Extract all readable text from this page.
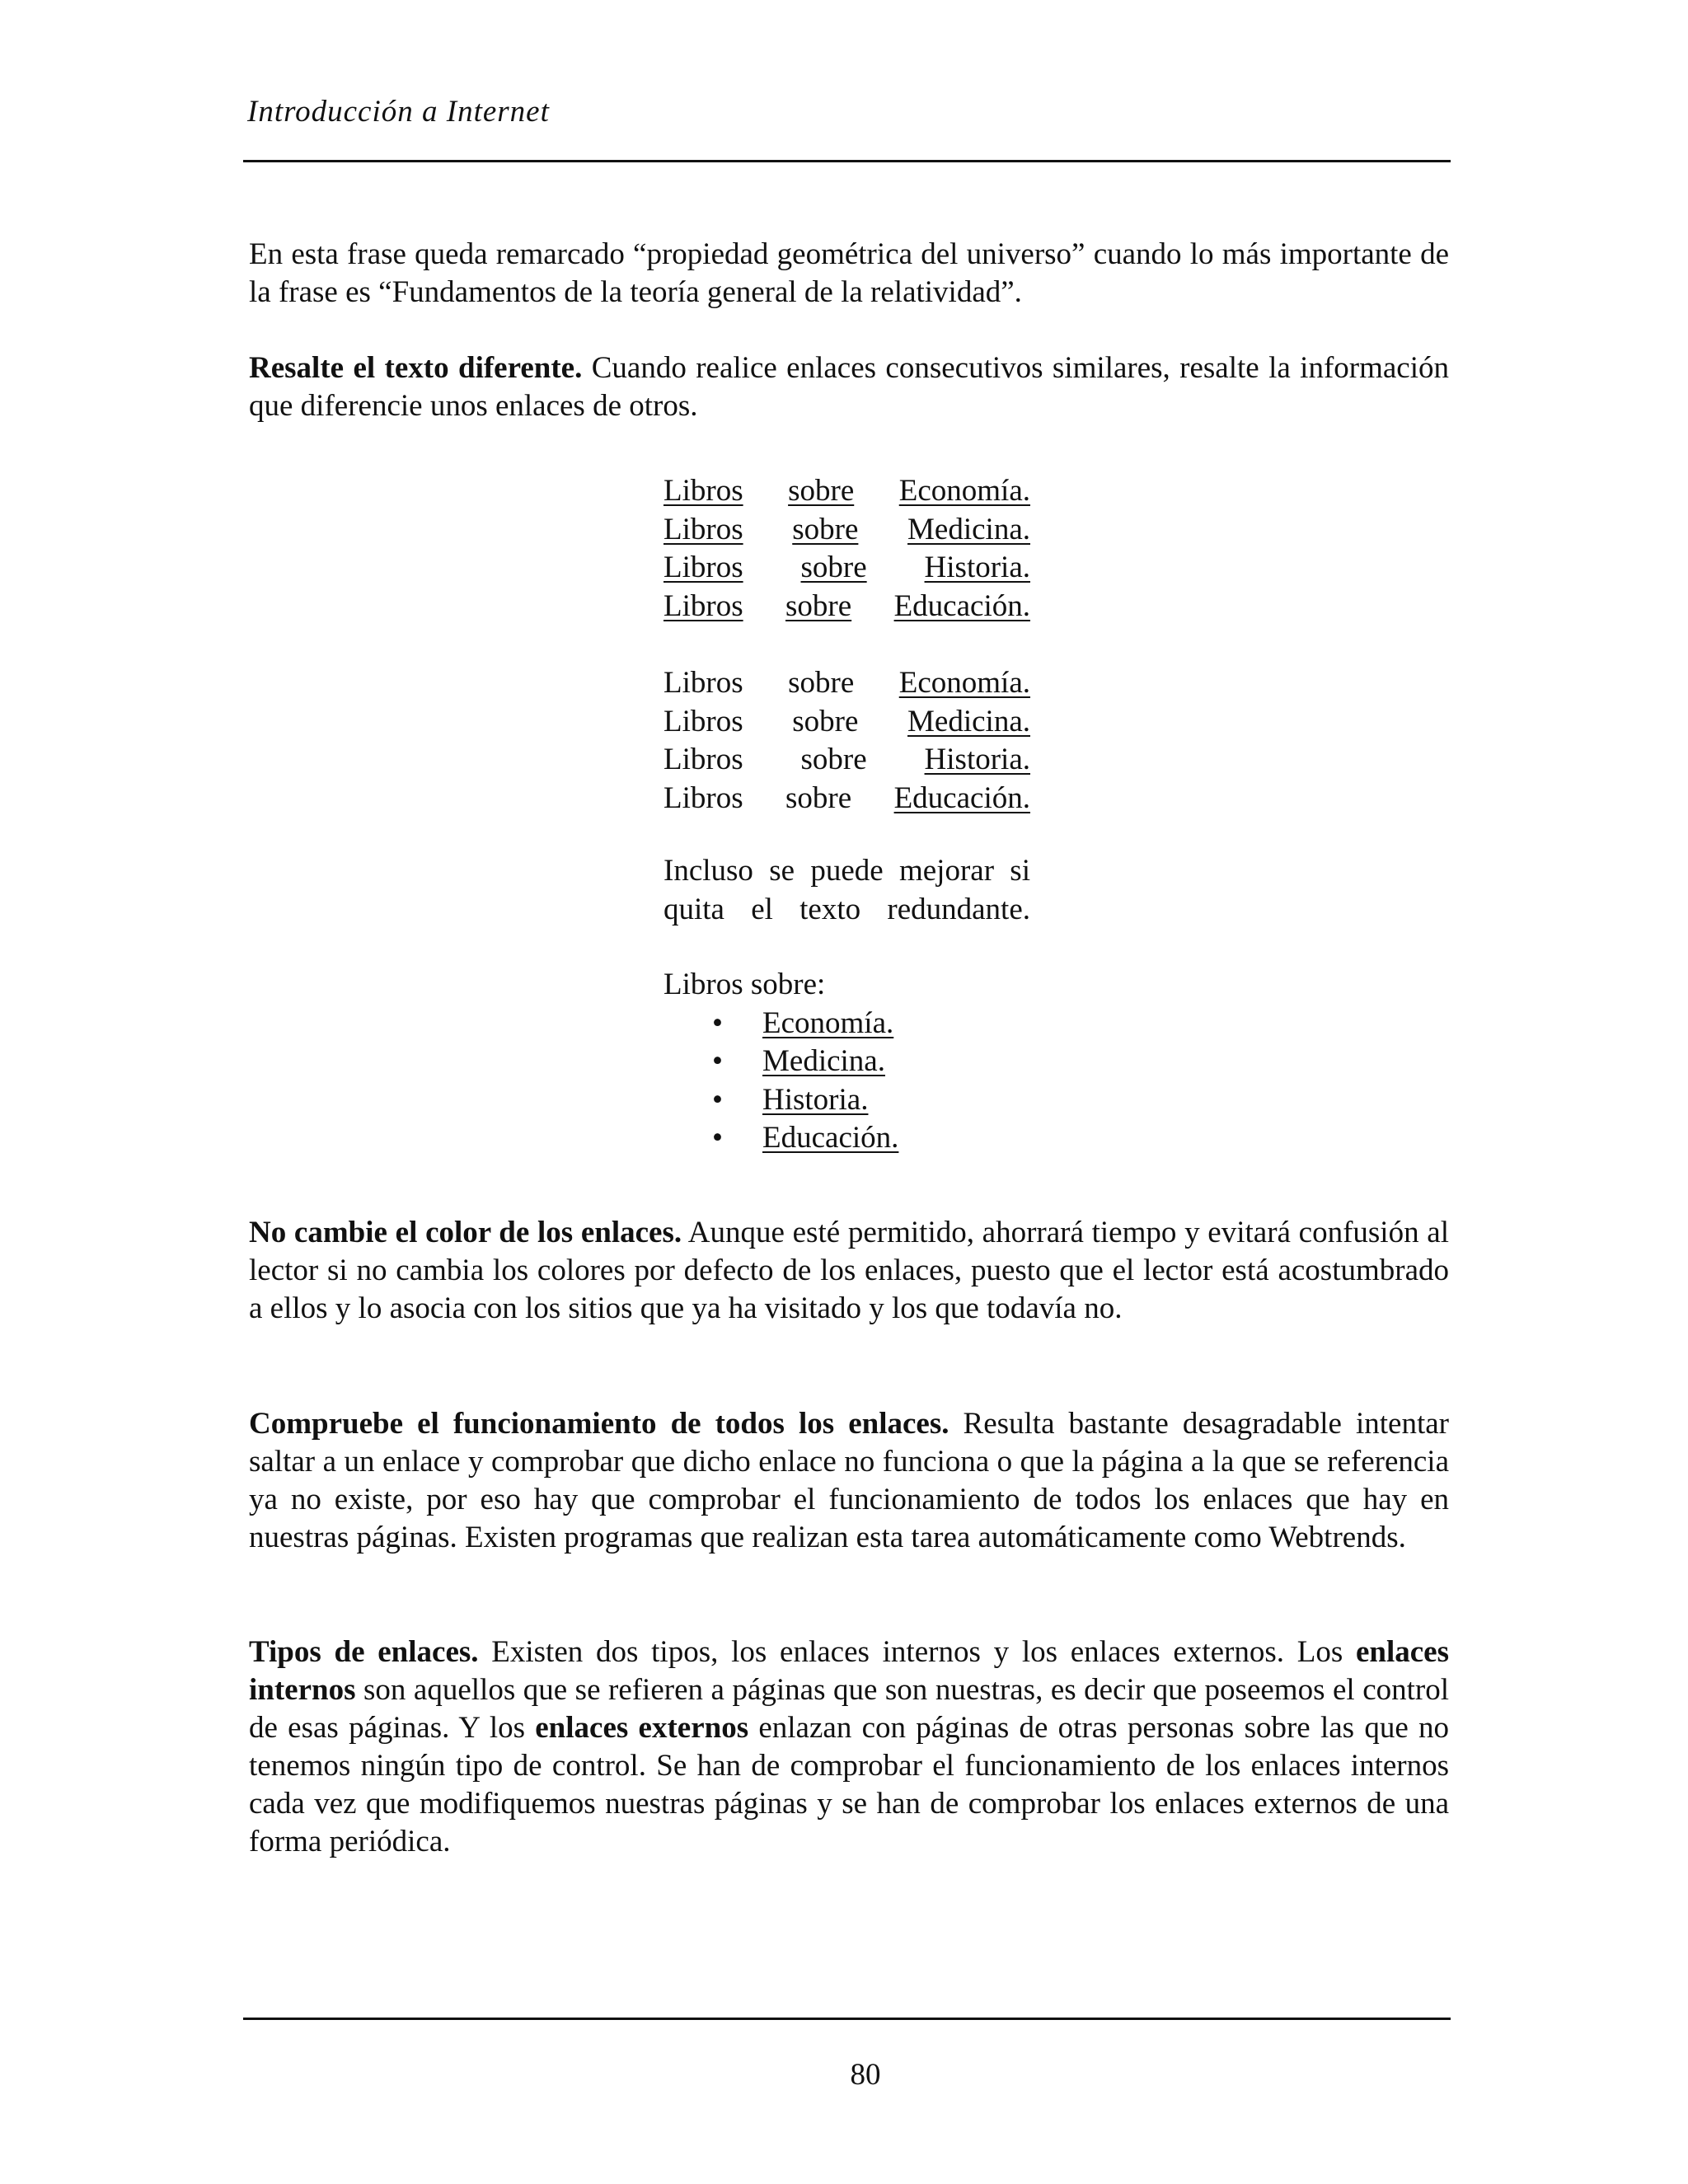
Introducción a Internet

En esta frase queda remarcado “propiedad geométrica del universo” cuando lo más importante de la frase es “Fundamentos de la teoría general de la relatividad”.

Resalte el texto diferente. Cuando realice enlaces consecutivos similares, resalte la información que diferencie unos enlaces de otros.

Libros sobre Economía.
Libros sobre Medicina.
Libros sobre Historia.
Libros sobre Educación.
Libros sobre Economía.
Libros sobre Medicina.
Libros sobre Historia.
Libros sobre Educación.
Incluso se puede mejorar si
quita el texto redundante.
Libros sobre:
• Economía.
• Medicina.
• Historia.
• Educación.

No cambie el color de los enlaces. Aunque esté permitido, ahorrará tiempo y evitará confusión al lector si no cambia los colores por defecto de los enlaces, puesto que el lector está acostumbrado a ellos y lo asocia con los sitios que ya ha visitado y los que todavía no.

Compruebe el funcionamiento de todos los enlaces. Resulta bastante desagradable intentar saltar a un enlace y comprobar que dicho enlace no funciona o que la página a la que se referencia ya no existe, por eso hay que comprobar el funcionamiento de todos los enlaces que hay en nuestras páginas. Existen programas que realizan esta tarea automáticamente como Webtrends.

Tipos de enlaces. Existen dos tipos, los enlaces internos y los enlaces externos. Los enlaces internos son aquellos que se refieren a páginas que son nuestras, es decir que poseemos el control de esas páginas. Y los enlaces externos enlazan con páginas de otras personas sobre las que no tenemos ningún tipo de control. Se han de comprobar el funcionamiento de los enlaces internos cada vez que modifiquemos nuestras páginas y se han de comprobar los enlaces externos de una forma periódica.

80
